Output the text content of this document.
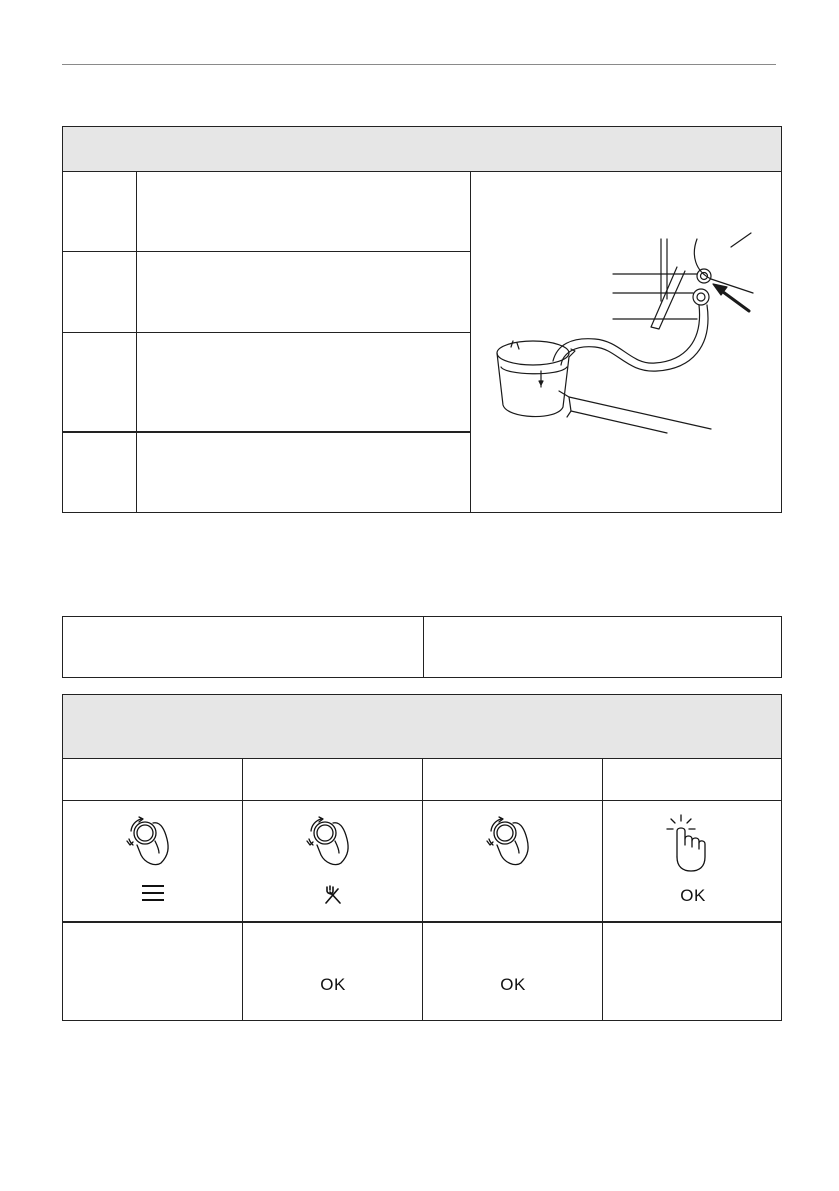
OK
OK	OK
